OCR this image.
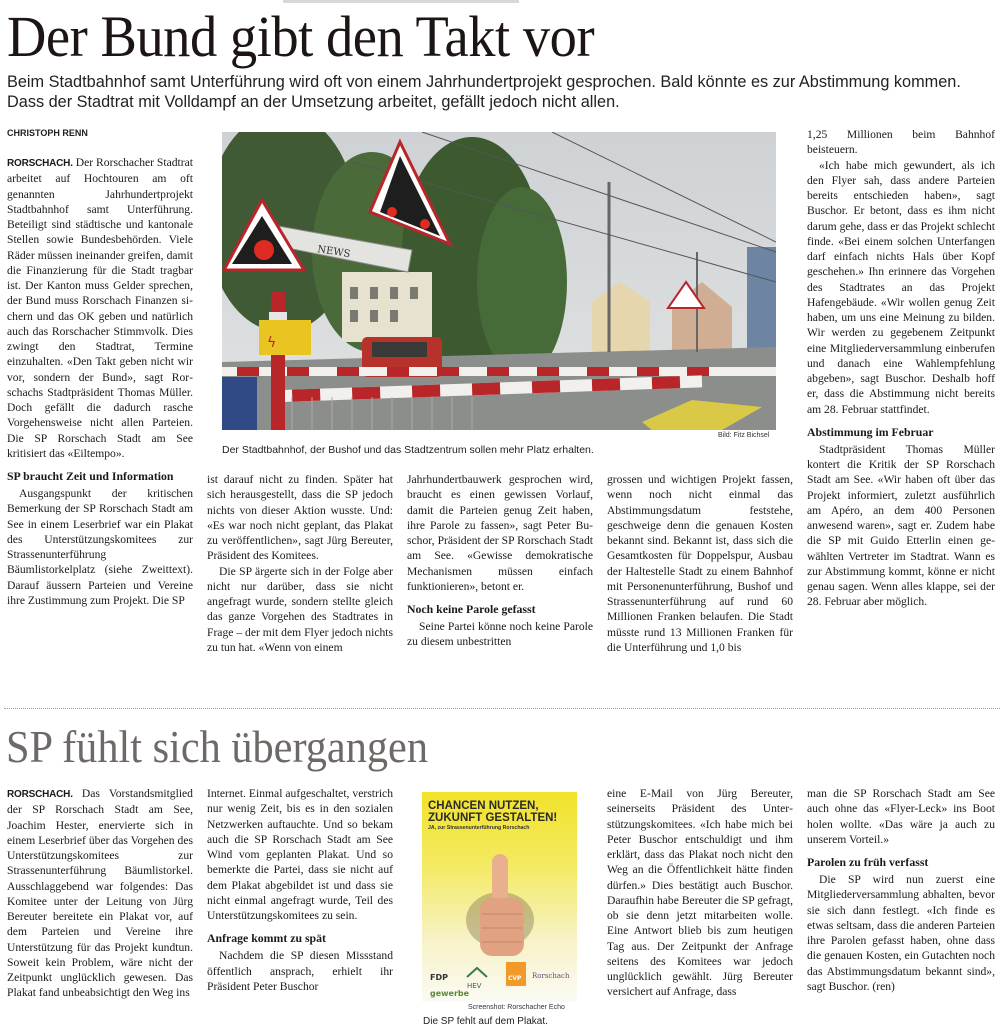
Der Bund gibt den Takt vor

Beim Stadtbahnhof samt Unterführung wird oft von einem Jahrhundertprojekt gesprochen. Bald könnte es zur Abstimmung kommen. Dass der Stadtrat mit Volldampf an der Umsetzung arbeitet, gefällt jedoch nicht allen.

CHRISTOPH RENN

RORSCHACH. Der Rorschacher Stadtrat arbeitet auf Hochtouren am oft genannten Jahrhundertprojekt Stadtbahnhof samt Unterführung. Beteiligt sind städtische und kantonale Stellen sowie Bundesbehörden. Viele Räder müssen ineinander greifen, damit die Finanzierung für die Stadt tragbar ist. Der Kanton muss Gelder sprechen, der Bund muss Rorschach Finanzen sichern und das OK geben und natürlich auch das Rorschacher Stimmvolk. Dies zwingt den Stadtrat, Termine einzuhalten. «Den Takt geben nicht wir vor, sondern der Bund», sagt Rorschachs Stadtpräsident Thomas Müller. Doch gefällt die dadurch rasche Vorgehensweise nicht allen Parteien. Die SP Rorschach Stadt am See kritisiert das «Eiltempo».

SP braucht Zeit und Information

Ausgangspunkt der kritischen Bemerkung der SP Rorschach Stadt am See in einem Leserbrief war ein Plakat des Unterstützungskomitees zur Strassenunterführung Bäumlistorkelplatz (siehe Zweittext). Darauf äussern Parteien und Vereine ihre Zustimmung zum Projekt. Die SP

NEWS
ϟ
Bild: Fitz Bichsel
Der Stadtbahnhof, der Bushof und das Stadtzentrum sollen mehr Platz erhalten.

ist darauf nicht zu finden. Später hat sich herausgestellt, dass die SP jedoch nichts von dieser Aktion wusste. Und: «Es war noch nicht geplant, das Plakat zu veröffentlichen», sagt Jürg Bereuter, Präsident des Komitees.

Die SP ärgerte sich in der Folge aber nicht nur darüber, dass sie nicht angefragt wurde, sondern stellte gleich das ganze Vorgehen des Stadtrates in Frage – der mit dem Flyer jedoch nichts zu tun hat. «Wenn von einem

Jahrhundertbauwerk gesprochen wird, braucht es einen gewissen Vorlauf, damit die Parteien genug Zeit haben, ihre Parole zu fassen», sagt Peter Buschor, Präsident der SP Rorschach Stadt am See. «Gewisse demokratische Mechanismen müssen einfach funktionieren», betont er.

Noch keine Parole gefasst

Seine Partei könne noch keine Parole zu diesem unbestritten

grossen und wichtigen Projekt fassen, wenn noch nicht einmal das Abstimmungsdatum feststehe, geschweige denn die genauen Kosten bekannt sind. Bekannt ist, dass sich die Gesamtkosten für Doppelspur, Ausbau der Haltestelle Stadt zu einem Bahnhof mit Personenunterführung, Bushof und Strassenunterführung auf rund 60 Millionen Franken belaufen. Die Stadt müsste rund 13 Millionen Franken für die Unterführung und 1,0 bis

1,25 Millionen beim Bahnhof beisteuern.

«Ich habe mich gewundert, als ich den Flyer sah, dass andere Parteien bereits entschieden haben», sagt Buschor. Er betont, dass es ihm nicht darum gehe, dass er das Projekt schlecht finde. «Bei einem solchen Unterfangen darf einfach nichts Hals über Kopf geschehen.» Ihn erinnere das Vorgehen des Stadtrates an das Projekt Hafengebäude. «Wir wollen genug Zeit haben, um uns eine Meinung zu bilden. Wir werden zu gegebenem Zeitpunkt eine Mitgliederversammlung einberufen und danach eine Wahlempfehlung abgeben», sagt Buschor. Deshalb hoff er, dass die Abstimmung nicht bereits am 28. Februar stattfindet.

Abstimmung im Februar

Stadtpräsident Thomas Müller kontert die Kritik der SP Rorschach Stadt am See. «Wir haben oft über das Projekt informiert, zuletzt ausführlich am Apéro, an dem 400 Personen anwesend waren», sagt er. Zudem habe die SP mit Guido Etterlin einen gewählten Vertreter im Stadtrat. Wann es zur Abstimmung kommt, könne er nicht genau sagen. Wenn alles klappe, sei der 28. Februar aber möglich.

SP fühlt sich übergangen

RORSCHACH. Das Vorstandsmitglied der SP Rorschach Stadt am See, Joachim Hester, enervierte sich in einem Leserbrief über das Vorgehen des Unterstützungskomitees zur Strassenunterführung Bäumlistorkel. Ausschlaggebend war folgendes: Das Komitee unter der Leitung von Jürg Bereuter bereitete ein Plakat vor, auf dem Parteien und Vereine ihre Unterstützung für das Projekt kundtun. Soweit kein Problem, wäre nicht der Zeitpunkt unglücklich gewesen. Das Plakat fand unbeabsichtigt den Weg ins

Internet. Einmal aufgeschaltet, verstrich nur wenig Zeit, bis es in den sozialen Netzwerken auftauchte. Und so bekam auch die SP Rorschach Stadt am See Wind vom geplanten Plakat. Und so bemerkte die Partei, dass sie nicht auf dem Plakat abgebildet ist und dass sie nicht einmal angefragt wurde, Teil des Unterstützungskomitees zu sein.

Anfrage kommt zu spät

Nachdem die SP diesen Missstand öffentlich ansprach, erhielt ihr Präsident Peter Buschor

CHANCEN NUTZEN, ZUKUNFT GESTALTEN!
JA, zur Strassenunterführung Rorschach
FDP
HEV
CVP Rorschach
gewerbe
Screenshot: Rorschacher Echo
Die SP fehlt auf dem Plakat.

eine E-Mail von Jürg Bereuter, seinerseits Präsident des Unterstützungskomitees. «Ich habe mich bei Peter Buschor entschuldigt und ihm erklärt, dass das Plakat noch nicht den Weg an die Öffentlichkeit hätte finden dürfen.» Dies bestätigt auch Buschor. Daraufhin habe Bereuter die SP gefragt, ob sie denn jetzt mitarbeiten wolle. Eine Antwort blieb bis zum heutigen Tag aus. Der Zeitpunkt der Anfrage seitens des Komitees war jedoch unglücklich gewählt. Jürg Bereuter versichert auf Anfrage, dass

man die SP Rorschach Stadt am See auch ohne das «Flyer-Leck» ins Boot holen wollte. «Das wäre ja auch zu unserem Vorteil.»

Parolen zu früh verfasst

Die SP wird nun zuerst eine Mitgliederversammlung abhalten, bevor sie sich dann festlegt. «Ich finde es etwas seltsam, dass die anderen Parteien ihre Parolen gefasst haben, ohne dass die genauen Kosten, ein Gutachten noch das Abstimmungsdatum bekannt sind», sagt Buschor. (ren)
